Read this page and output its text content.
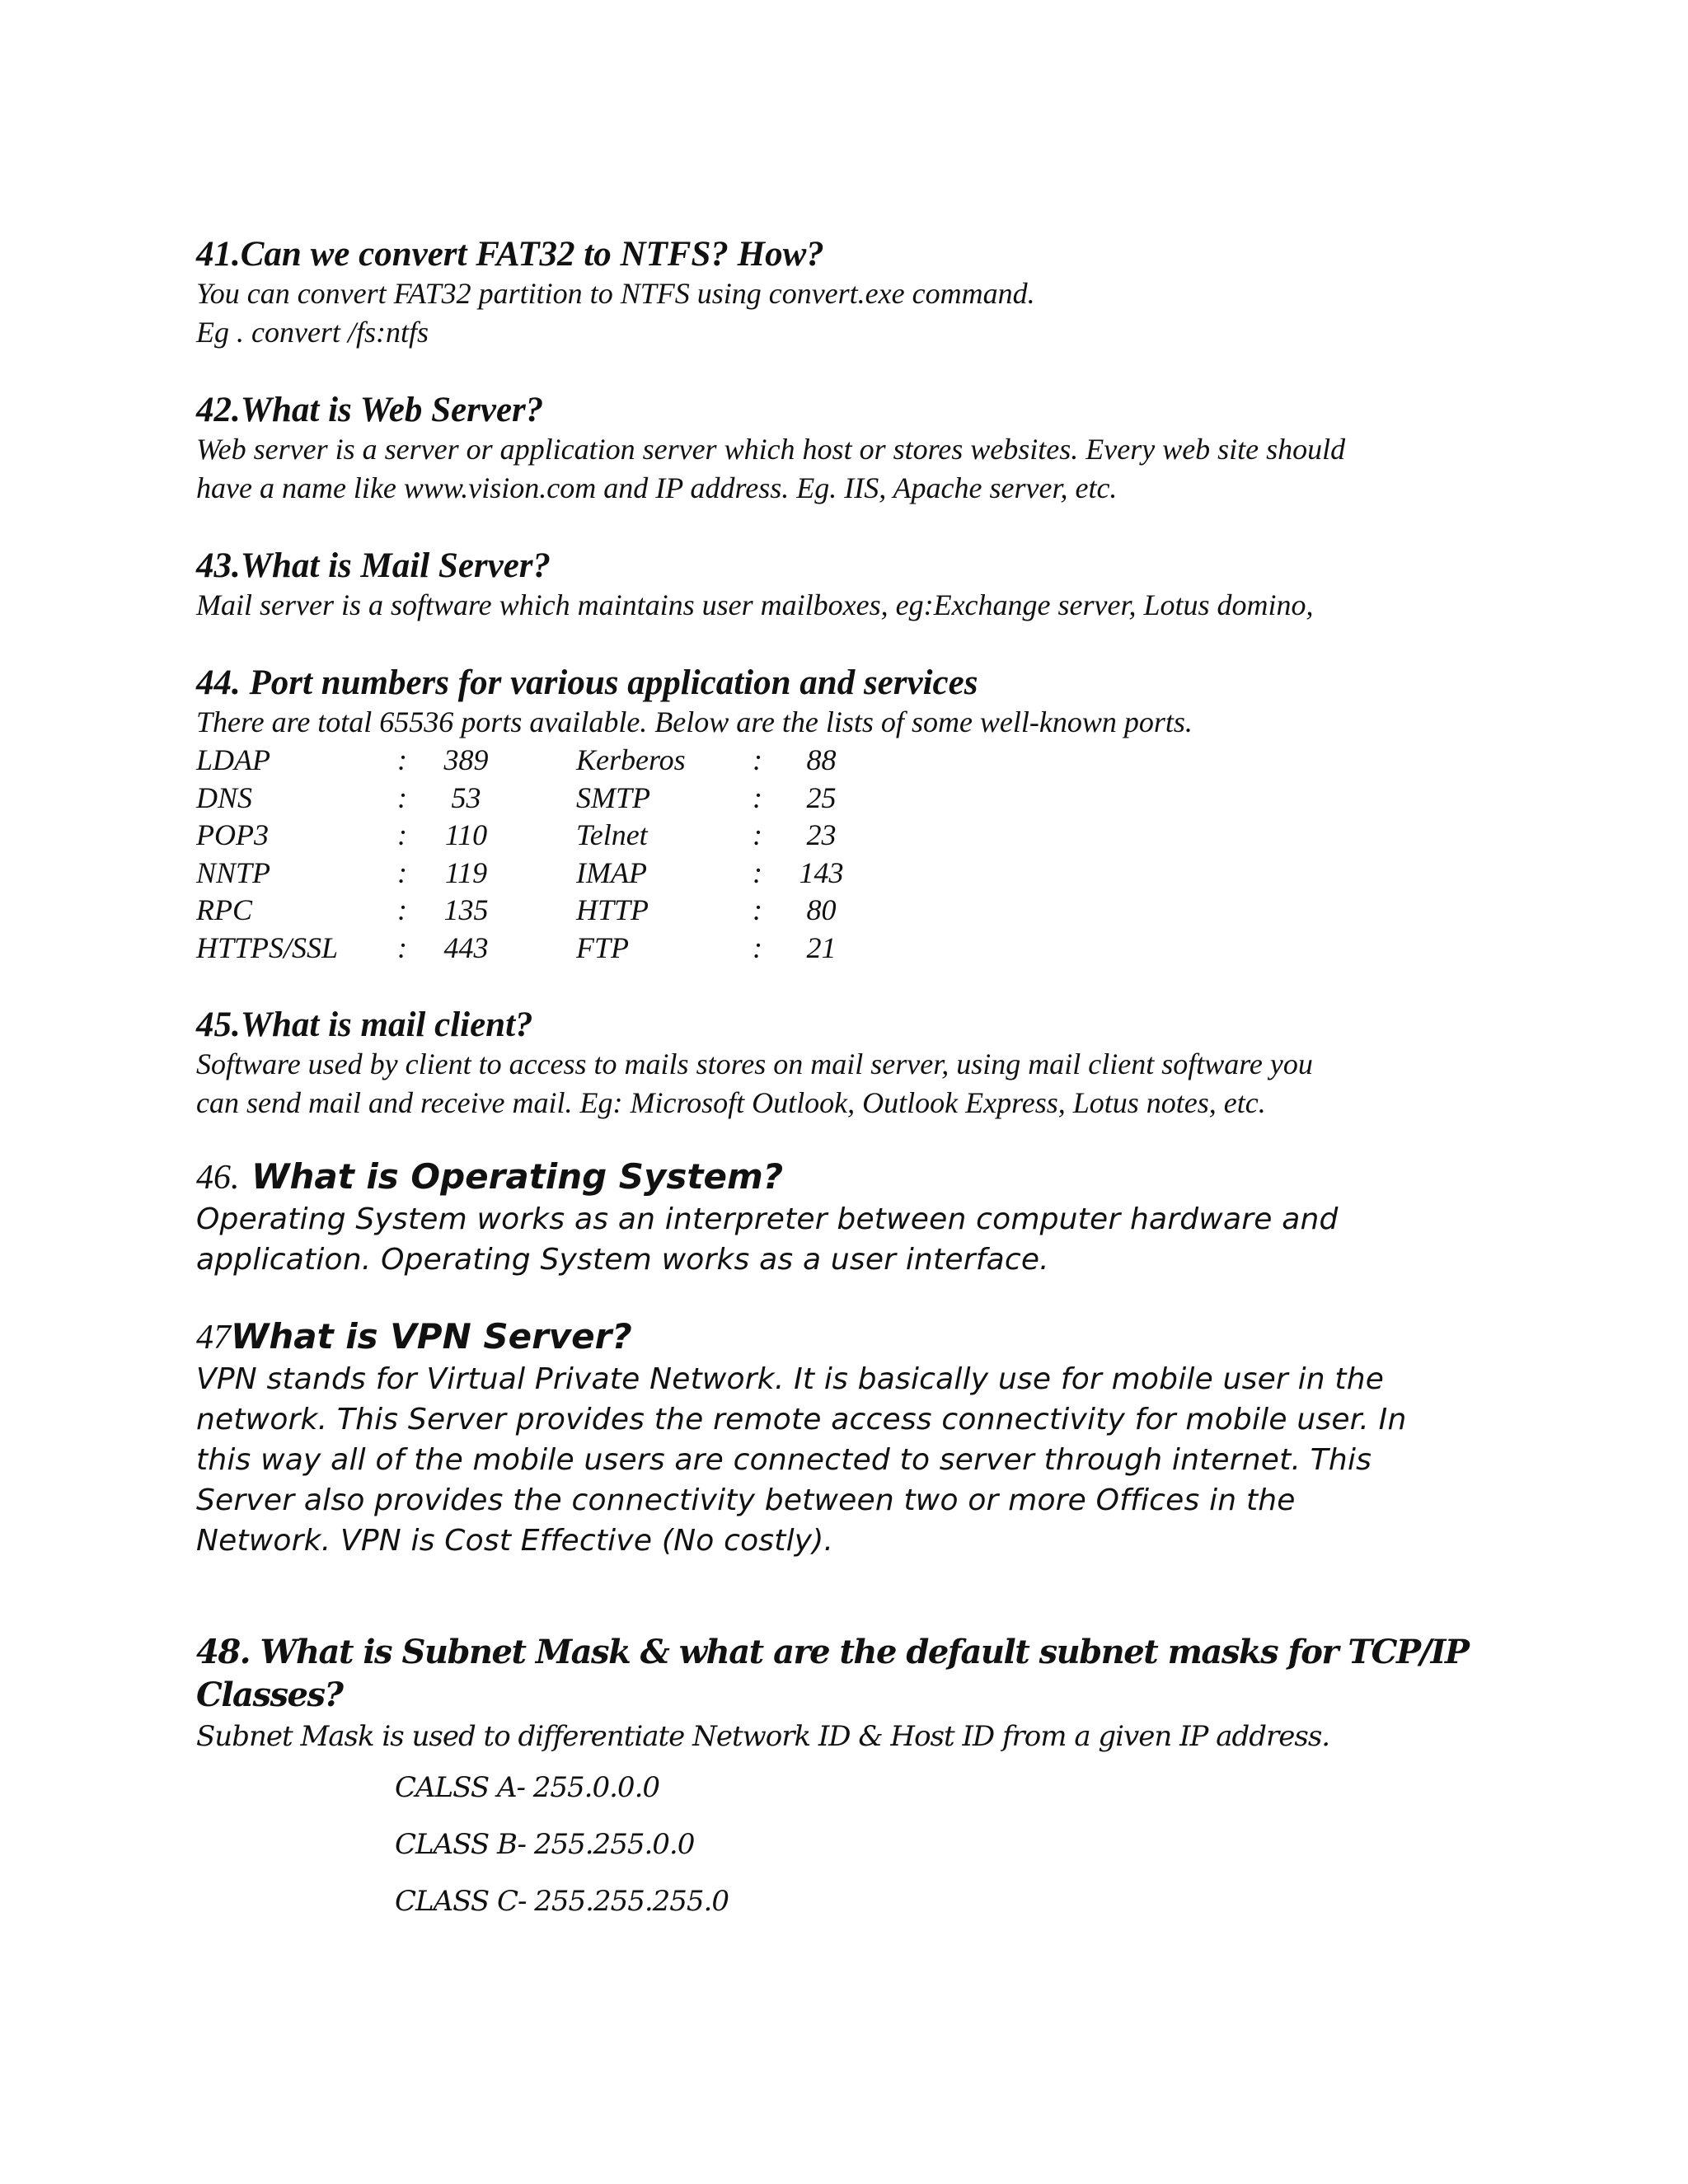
41.Can we convert FAT32 to NTFS? How?

You can convert FAT32 partition to NTFS using convert.exe command.

Eg . convert /fs:ntfs

42.What is Web Server?

Web server is a server or application server which host or stores websites. Every web site should

have a name like www.vision.com and IP address. Eg. IIS, Apache server, etc.

43.What is Mail Server?

Mail server is a software which maintains user mailboxes, eg:Exchange server, Lotus domino,

44. Port numbers for various application and services

There are total 65536 ports available. Below are the lists of some well-known ports.

LDAP	:	389		Kerberos	:	88
DNS	:	53		SMTP	:	25
POP3	:	110		Telnet	:	23
NNTP	:	119		IMAP	:	143
RPC	:	135		HTTP	:	80
HTTPS/SSL	:	443		FTP	:	21
45.What is mail client?

Software used by client to access to mails stores on mail server, using mail client software you

can send mail and receive mail. Eg: Microsoft Outlook, Outlook Express, Lotus notes, etc.

46. What is Operating System?

Operating System works as an interpreter between computer hardware and

application. Operating System works as a user interface.

47What is VPN Server?

VPN stands for Virtual Private Network. It is basically use for mobile user in the

network. This Server provides the remote access connectivity for mobile user. In

this way all of the mobile users are connected to server through internet. This

Server also provides the connectivity between two or more Offices in the

Network. VPN is Cost Effective (No costly).

48. What is Subnet Mask & what are the default subnet masks for TCP/IP Classes?

Subnet Mask is used to differentiate Network ID & Host ID from a given IP address.

CALSS A- 255.0.0.0
CLASS B- 255.255.0.0
CLASS C- 255.255.255.0
